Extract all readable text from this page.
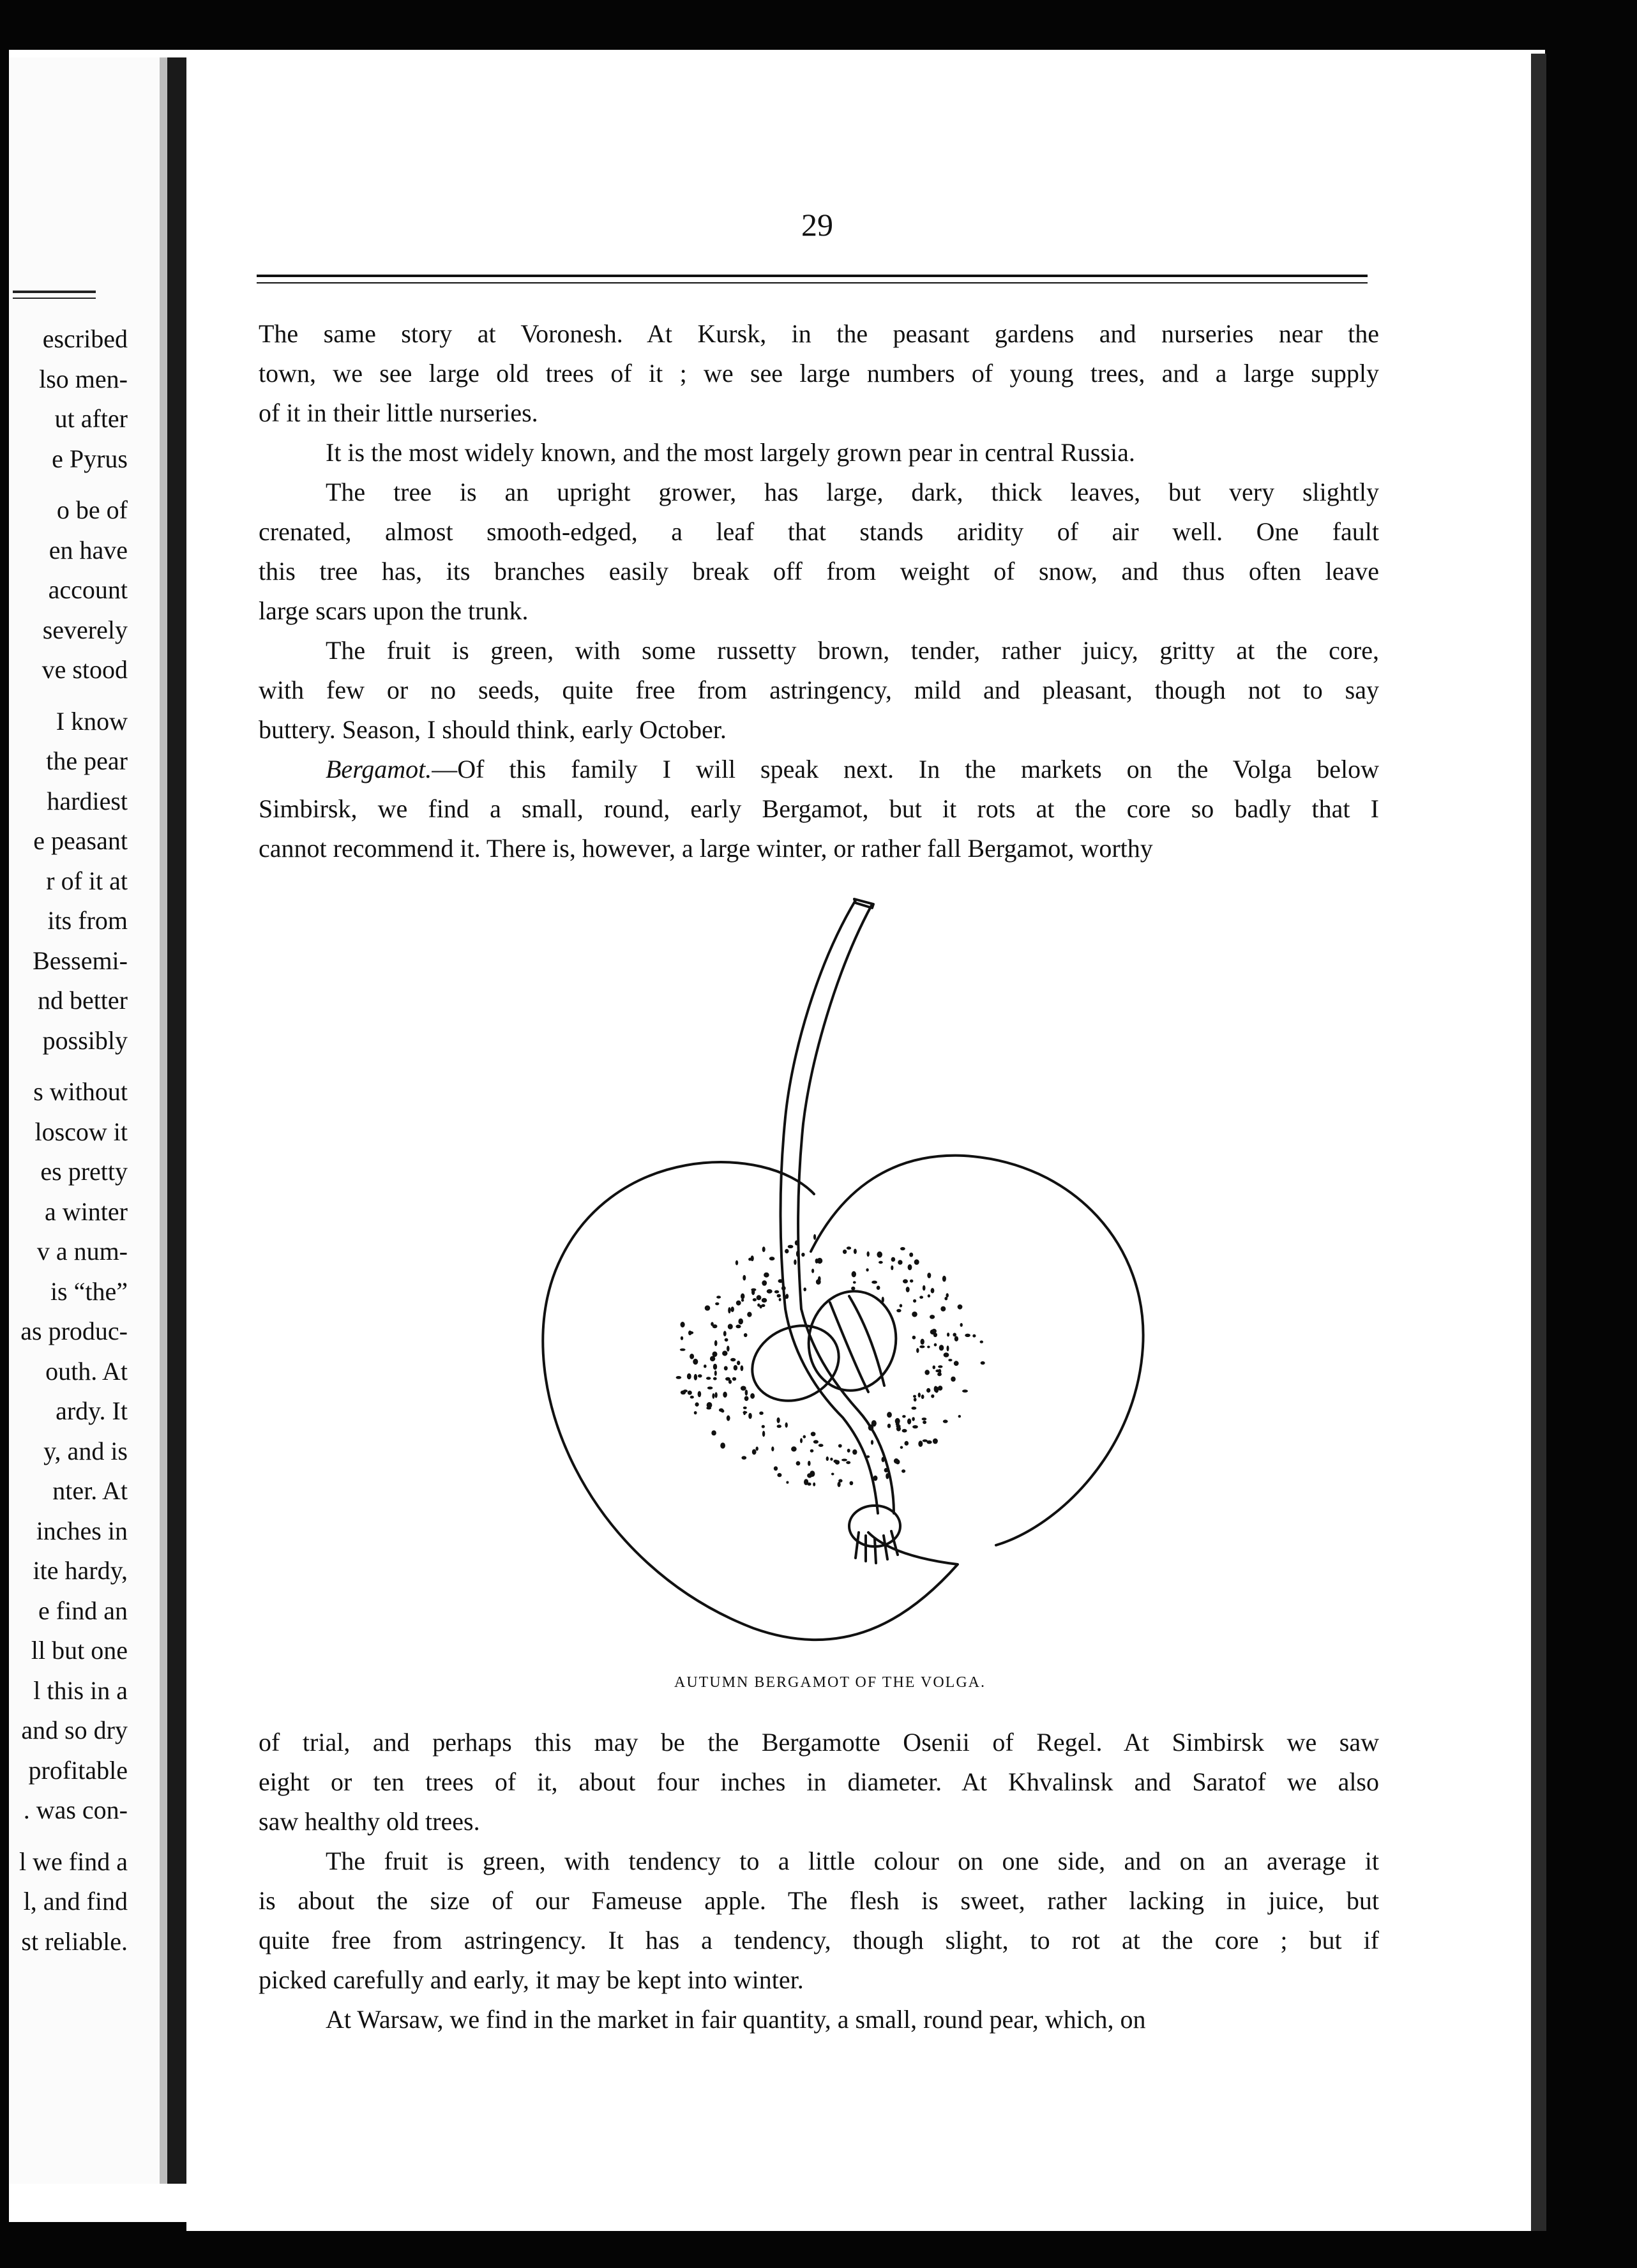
escribed
lso men-
ut after
e Pyrus
o be of
en have
account
severely
ve stood
I know
the pear
hardiest
e peasant
r of it at
its from
Bessemi-
nd better
possibly
s without
loscow it
es pretty
a winter
v a num-
is “the”
as produc-
outh. At
ardy. It
y, and is
nter. At
inches in
ite hardy,
e find an
ll but one
l this in a
and so dry
profitable
. was con-
l we find a
l, and find
st reliable.
29
The same story at Voronesh. At Kursk, in the peasant gardens and nurseries near the
town, we see large old trees of it ; we see large numbers of young trees, and a large supply
of it in their little nurseries.
It is the most widely known, and the most largely grown pear in central Russia.
The tree is an upright grower, has large, dark, thick leaves, but very slightly
crenated, almost smooth-edged, a leaf that stands aridity of air well. One fault
this tree has, its branches easily break off from weight of snow, and thus often leave
large scars upon the trunk.
The fruit is green, with some russetty brown, tender, rather juicy, gritty at the core,
with few or no seeds, quite free from astringency, mild and pleasant, though not to say
buttery. Season, I should think, early October.
Bergamot.—Of this family I will speak next. In the markets on the Volga below
Simbirsk, we find a small, round, early Bergamot, but it rots at the core so badly that I
cannot recommend it. There is, however, a large winter, or rather fall Bergamot, worthy
AUTUMN BERGAMOT OF THE VOLGA.
of trial, and perhaps this may be the Bergamotte Osenii of Regel. At Simbirsk we saw
eight or ten trees of it, about four inches in diameter. At Khvalinsk and Saratof we also
saw healthy old trees.
The fruit is green, with tendency to a little colour on one side, and on an average it
is about the size of our Fameuse apple. The flesh is sweet, rather lacking in juice, but
quite free from astringency. It has a tendency, though slight, to rot at the core ; but if
picked carefully and early, it may be kept into winter.
At Warsaw, we find in the market in fair quantity, a small, round pear, which, on
